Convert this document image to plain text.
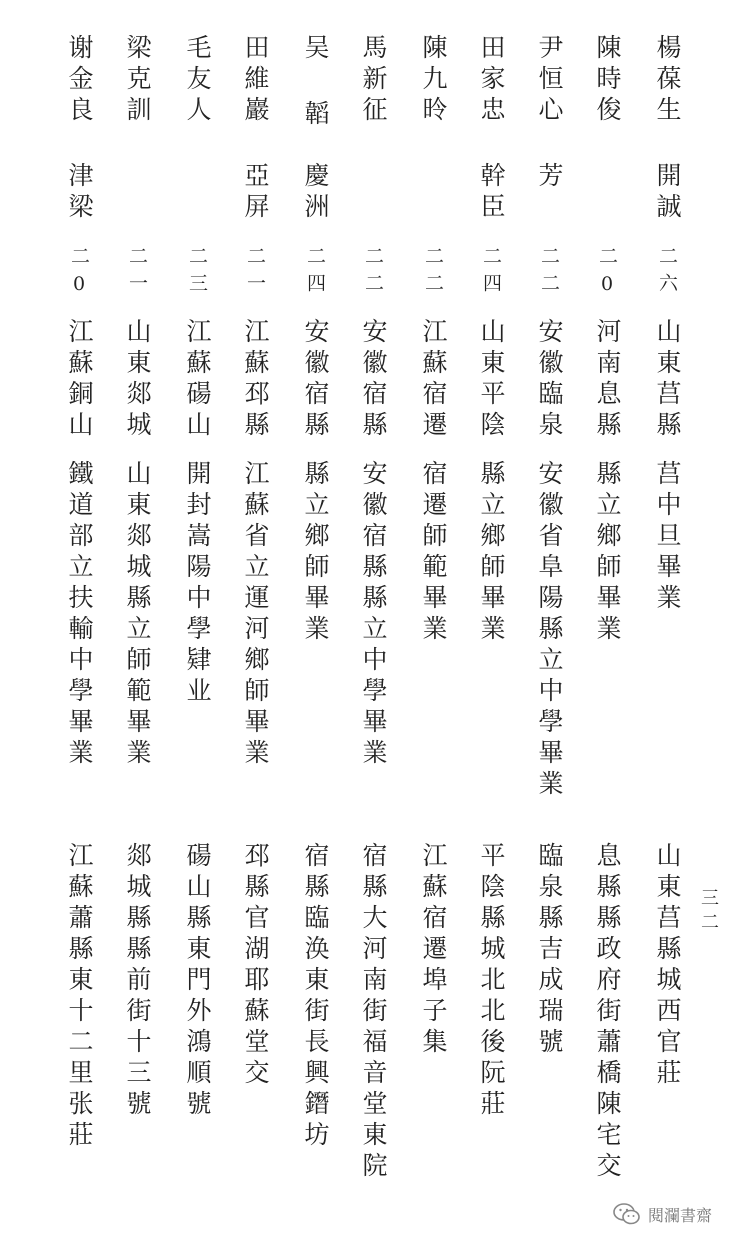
楊葆生
開誠
二六
山東莒縣
莒中旦畢業
山東莒縣城西官莊
陳時俊
二0
河南息縣
縣立鄉師畢業
息縣縣政府街蕭橋陳宅交
尹恒心
芳
二二
安徽臨泉
安徽省阜陽縣立中學畢業
臨泉縣吉成瑞號
田家忠
幹臣
二四
山東平陰
縣立鄉師畢業
平陰縣城北北後阮莊
陳九昤
二二
江蘇宿遷
宿遷師範畢業
江蘇宿遷埠子集
馬新征
二二
安徽宿縣
安徽宿縣縣立中學畢業
宿縣大河南街福音堂東院
吴 韜
慶洲
二四
安徽宿縣
縣立鄉師畢業
宿縣臨涣東街長興鐕坊
田維巖
亞屏
二一
江蘇邳縣
江蘇省立運河鄉師畢業
邳縣官湖耶蘇堂交
毛友人
二三
江蘇碭山
開封嵩陽中學肄业
碭山縣東門外鴻順號
梁克訓
二一
山東郯城
山東郯城縣立師範畢業
郯城縣縣前街十三號
谢金良
津梁
二0
江蘇銅山
鐵道部立扶輸中學畢業
江蘇蕭縣東十二里张莊	三二
閱瀾書齋
